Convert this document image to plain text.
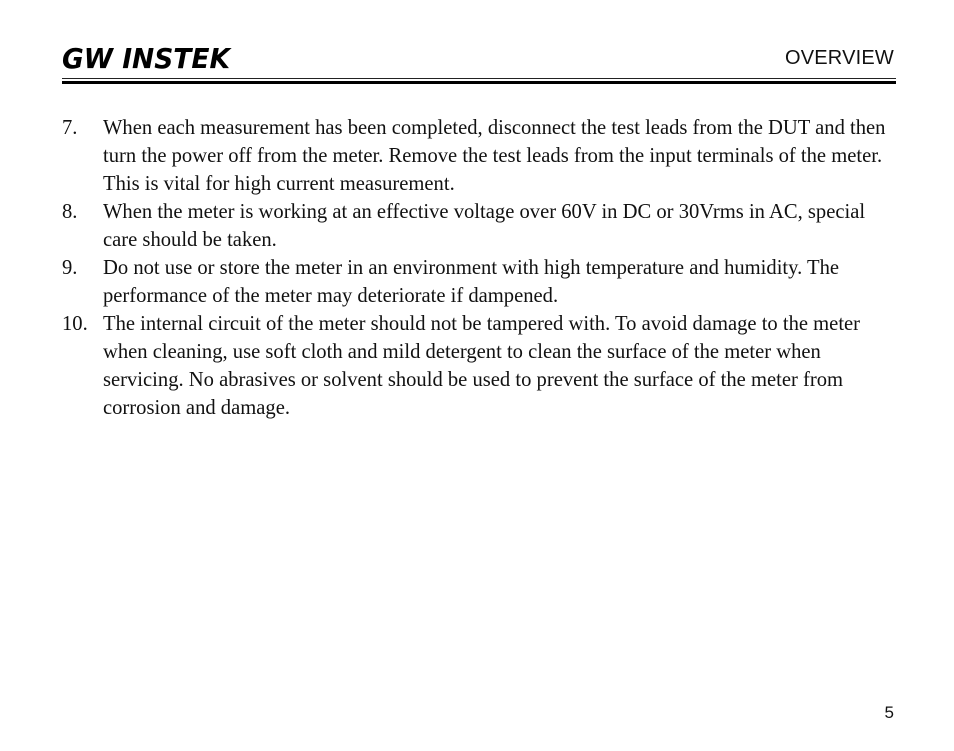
GW INSTEK	OVERVIEW
7.	When each measurement has been completed, disconnect the test leads from the DUT and then turn the power off from the meter. Remove the test leads from the input terminals of the meter. This is vital for high current measurement.
8.	When the meter is working at an effective voltage over 60V in DC or 30Vrms in AC, special care should be taken.
9.	Do not use or store the meter in an environment with high temperature and humidity. The performance of the meter may deteriorate if dampened.
10. The internal circuit of the meter should not be tampered with. To avoid damage to the meter when cleaning, use soft cloth and mild detergent to clean the surface of the meter when servicing. No abrasives or solvent should be used to prevent the surface of the meter from corrosion and damage.
5
